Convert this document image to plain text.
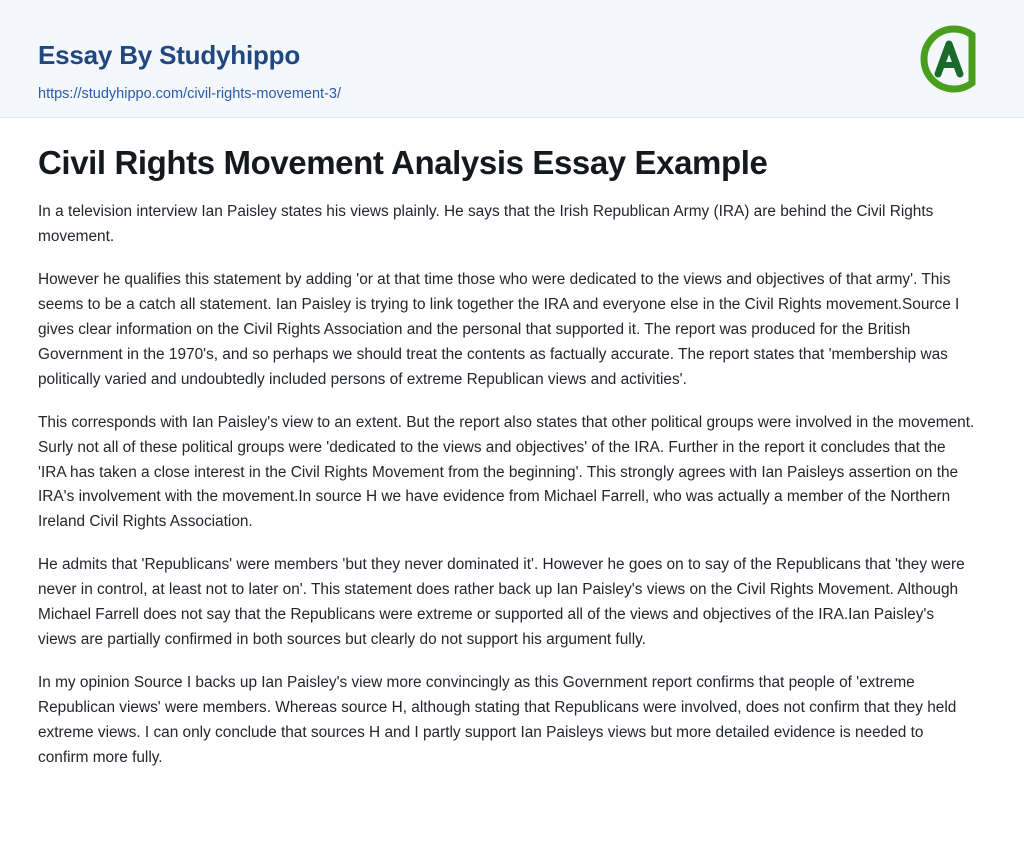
Essay By Studyhippo
https://studyhippo.com/civil-rights-movement-3/
Civil Rights Movement Analysis Essay Example

In a television interview Ian Paisley states his views plainly. He says that the Irish Republican Army (IRA) are behind the Civil Rights movement.

However he qualifies this statement by adding 'or at that time those who were dedicated to the views and objectives of that army'. This seems to be a catch all statement. Ian Paisley is trying to link together the IRA and everyone else in the Civil Rights movement.Source I gives clear information on the Civil Rights Association and the personal that supported it. The report was produced for the British Government in the 1970's, and so perhaps we should treat the contents as factually accurate. The report states that 'membership was politically varied and undoubtedly included persons of extreme Republican views and activities'.

This corresponds with Ian Paisley's view to an extent. But the report also states that other political groups were involved in the movement. Surly not all of these political groups were 'dedicated to the views and objectives' of the IRA. Further in the report it concludes that the 'IRA has taken a close interest in the Civil Rights Movement from the beginning'. This strongly agrees with Ian Paisleys assertion on the IRA's involvement with the movement.In source H we have evidence from Michael Farrell, who was actually a member of the Northern Ireland Civil Rights Association.

He admits that 'Republicans' were members 'but they never dominated it'. However he goes on to say of the Republicans that 'they were never in control, at least not to later on'. This statement does rather back up Ian Paisley's views on the Civil Rights Movement. Although Michael Farrell does not say that the Republicans were extreme or supported all of the views and objectives of the IRA.Ian Paisley's views are partially confirmed in both sources but clearly do not support his argument fully.

In my opinion Source I backs up Ian Paisley's view more convincingly as this Government report confirms that people of 'extreme Republican views' were members. Whereas source H, although stating that Republicans were involved, does not confirm that they held extreme views. I can only conclude that sources H and I partly support Ian Paisleys views but more detailed evidence is needed to confirm more fully.
